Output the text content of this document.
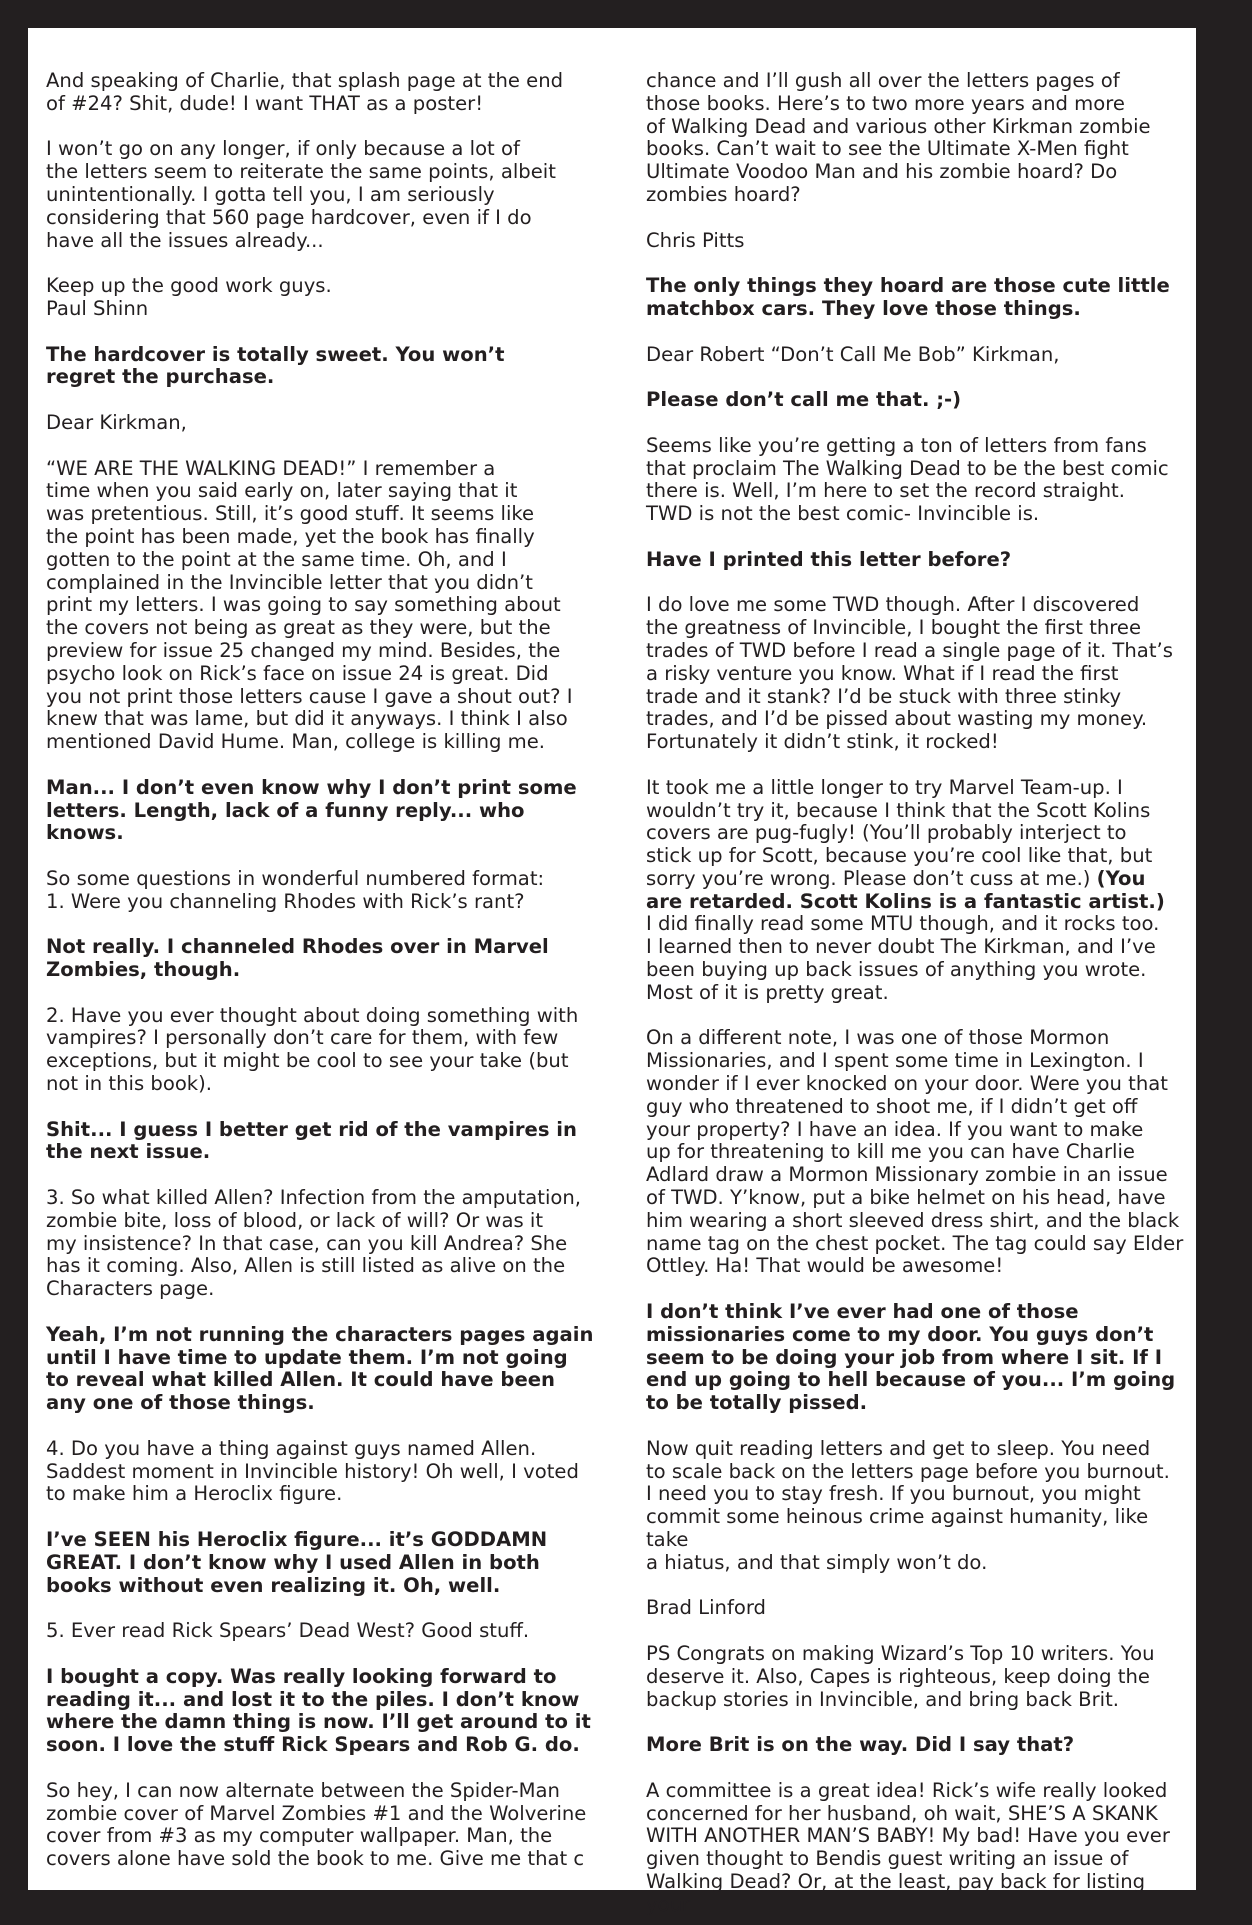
And speaking of Charlie, that splash page at the end
of #24? Shit, dude! I want THAT as a poster!
I won’t go on any longer, if only because a lot of
the letters seem to reiterate the same points, albeit
unintentionally. I gotta tell you, I am seriously
considering that 560 page hardcover, even if I do
have all the issues already...
Keep up the good work guys.
Paul Shinn
The hardcover is totally sweet. You won’t
regret the purchase.
Dear Kirkman,
“WE ARE THE WALKING DEAD!” I remember a
time when you said early on, later saying that it
was pretentious. Still, it’s good stuff. It seems like
the point has been made, yet the book has finally
gotten to the point at the same time. Oh, and I
complained in the Invincible letter that you didn’t
print my letters. I was going to say something about
the covers not being as great as they were, but the
preview for issue 25 changed my mind. Besides, the
psycho look on Rick’s face on issue 24 is great. Did
you not print those letters cause I gave a shout out? I
knew that was lame, but did it anyways. I think I also
mentioned David Hume. Man, college is killing me.
Man... I don’t even know why I don’t print some
letters. Length, lack of a funny reply... who
knows.
So some questions in wonderful numbered format:
1. Were you channeling Rhodes with Rick’s rant?
Not really. I channeled Rhodes over in Marvel
Zombies, though.
2. Have you ever thought about doing something with
vampires? I personally don’t care for them, with few
exceptions, but it might be cool to see your take (but
not in this book).
Shit... I guess I better get rid of the vampires in
the next issue.
3. So what killed Allen? Infection from the amputation,
zombie bite, loss of blood, or lack of will? Or was it
my insistence? In that case, can you kill Andrea? She
has it coming. Also, Allen is still listed as alive on the
Characters page.
Yeah, I’m not running the characters pages again
until I have time to update them. I’m not going
to reveal what killed Allen. It could have been
any one of those things.
4. Do you have a thing against guys named Allen.
Saddest moment in Invincible history! Oh well, I voted
to make him a Heroclix figure.
I’ve SEEN his Heroclix figure... it’s GODDAMN
GREAT. I don’t know why I used Allen in both
books without even realizing it. Oh, well.
5. Ever read Rick Spears’ Dead West? Good stuff.
I bought a copy. Was really looking forward to
reading it... and lost it to the piles. I don’t know
where the damn thing is now. I’ll get around to it
soon. I love the stuff Rick Spears and Rob G. do.
So hey, I can now alternate between the Spider-Man
zombie cover of Marvel Zombies #1 and the Wolverine
cover from #3 as my computer wallpaper. Man, the
covers alone have sold the book to me. Give me that c
chance and I’ll gush all over the letters pages of
those books. Here’s to two more years and more
of Walking Dead and various other Kirkman zombie
books. Can’t wait to see the Ultimate X-Men fight
Ultimate Voodoo Man and his zombie hoard? Do
zombies hoard?
Chris Pitts
The only things they hoard are those cute little
matchbox cars. They love those things.
Dear Robert “Don’t Call Me Bob” Kirkman,
Please don’t call me that. ;-)
Seems like you’re getting a ton of letters from fans
that proclaim The Walking Dead to be the best comic
there is. Well, I’m here to set the record straight.
TWD is not the best comic- Invincible is.
Have I printed this letter before?
I do love me some TWD though. After I discovered
the greatness of Invincible, I bought the first three
trades of TWD before I read a single page of it. That’s
a risky venture you know. What if I read the first
trade and it stank? I’d be stuck with three stinky
trades, and I’d be pissed about wasting my money.
Fortunately it didn’t stink, it rocked!
It took me a little longer to try Marvel Team-up. I
wouldn’t try it, because I think that the Scott Kolins
covers are pug-fugly! (You’ll probably interject to
stick up for Scott, because you’re cool like that, but
sorry you’re wrong. Please don’t cuss at me.) (You
are retarded. Scott Kolins is a fantastic artist.)
I did finally read some MTU though, and it rocks too.
I learned then to never doubt The Kirkman, and I’ve
been buying up back issues of anything you wrote.
Most of it is pretty great.
On a different note, I was one of those Mormon
Missionaries, and I spent some time in Lexington. I
wonder if I ever knocked on your door. Were you that
guy who threatened to shoot me, if I didn’t get off
your property? I have an idea. If you want to make
up for threatening to kill me you can have Charlie
Adlard draw a Mormon Missionary zombie in an issue
of TWD. Y’know, put a bike helmet on his head, have
him wearing a short sleeved dress shirt, and the black
name tag on the chest pocket. The tag could say Elder
Ottley. Ha! That would be awesome!
I don’t think I’ve ever had one of those
missionaries come to my door. You guys don’t
seem to be doing your job from where I sit. If I
end up going to hell because of you... I’m going
to be totally pissed.
Now quit reading letters and get to sleep. You need
to scale back on the letters page before you burnout.
I need you to stay fresh. If you burnout, you might
commit some heinous crime against humanity, like take
a hiatus, and that simply won’t do.
Brad Linford
PS Congrats on making Wizard’s Top 10 writers. You
deserve it. Also, Capes is righteous, keep doing the
backup stories in Invincible, and bring back Brit.
More Brit is on the way. Did I say that?
A committee is a great idea! Rick’s wife really looked
concerned for her husband, oh wait, SHE’S A SKANK
WITH ANOTHER MAN’S BABY! My bad! Have you ever
given thought to Bendis guest writing an issue of
Walking Dead? Or, at the least, pay back for listing your
